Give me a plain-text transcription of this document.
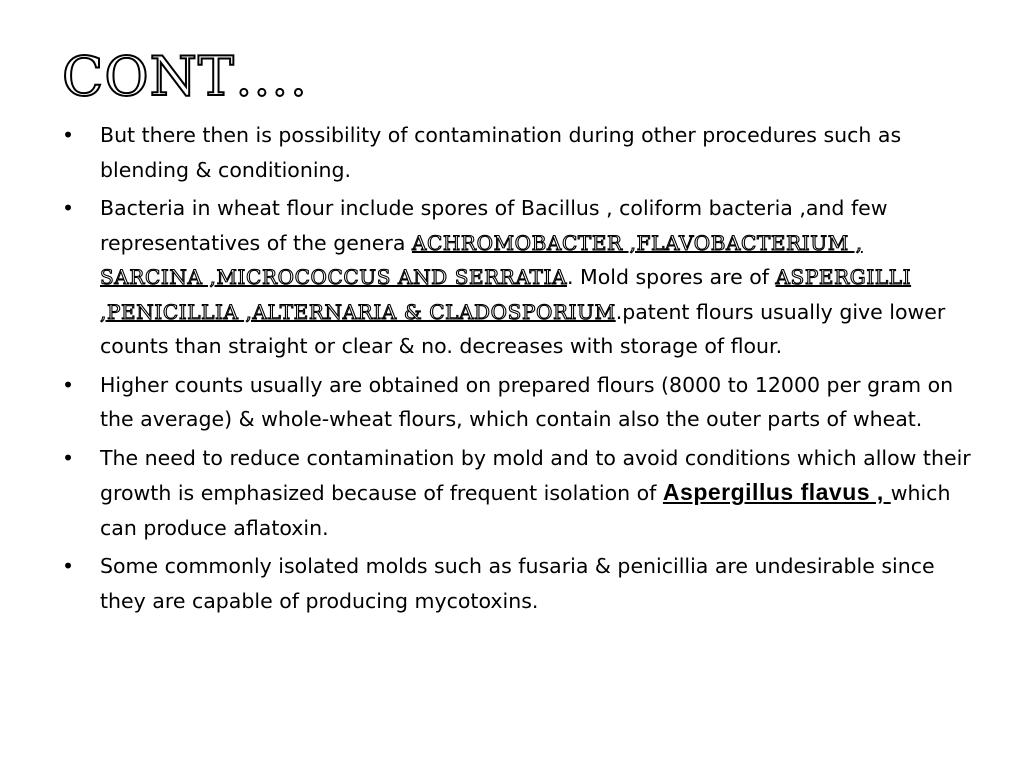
CONT….
• But there then is possibility of contamination during other procedures such as blending & conditioning.
• Bacteria in wheat flour include spores of Bacillus , coliform bacteria ,and few representatives of the genera ACHROMOBACTER ,FLAVOBACTERIUM , SARCINA ,MICROCOCCUS AND SERRATIA. Mold spores are of ASPERGILLI ,PENICILLIA ,ALTERNARIA & CLADOSPORIUM.patent flours usually give lower counts than straight or clear & no. decreases with storage of flour.
• Higher counts usually are obtained on prepared flours (8000 to 12000 per gram on the average) & whole-wheat flours, which contain also the outer parts of wheat.
• The need to reduce contamination by mold and to avoid conditions which allow their growth is emphasized because of frequent isolation of Aspergillus flavus , which can produce aflatoxin.
• Some commonly isolated molds such as fusaria & penicillia are undesirable since they are capable of producing mycotoxins.
